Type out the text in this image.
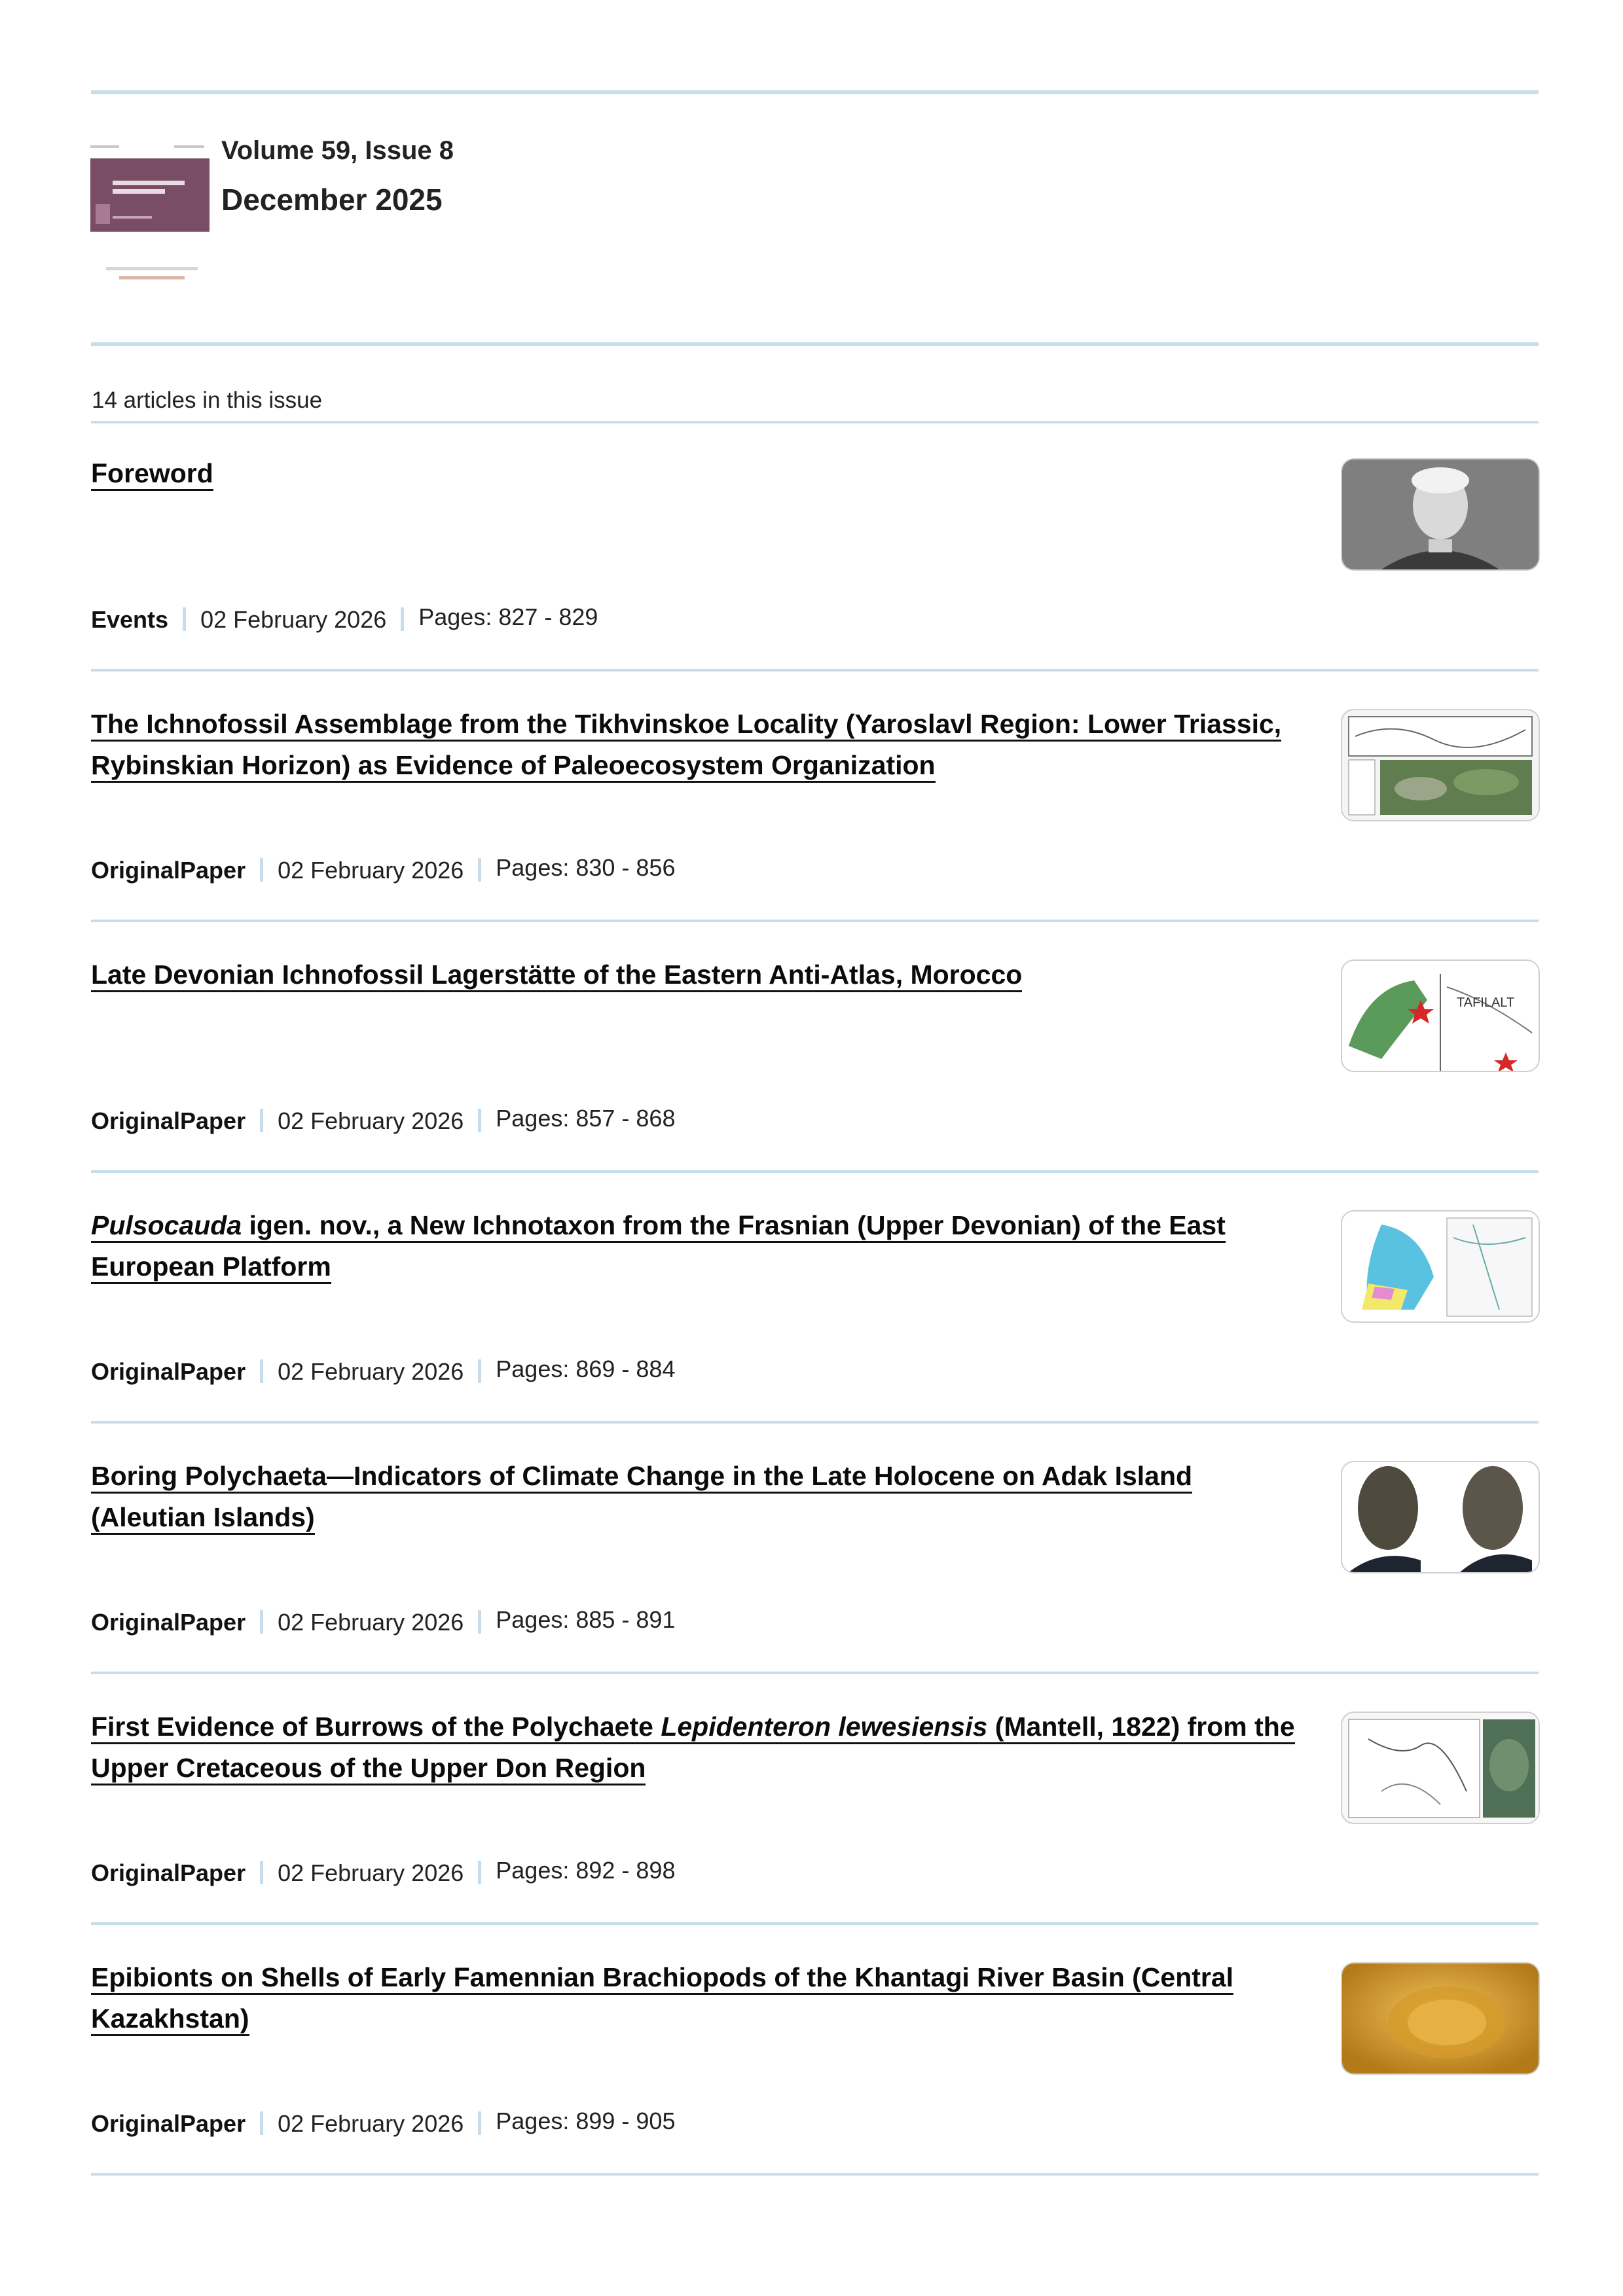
Volume 59, Issue 8
December 2025
14 articles in this issue
Foreword
Events 02 February 2026 Pages: 827 - 829
The Ichnofossil Assemblage from the Tikhvinskoe Locality (Yaroslavl Region: Lower Triassic, Rybinskian Horizon) as Evidence of Paleoecosystem Organization
OriginalPaper 02 February 2026 Pages: 830 - 856
Late Devonian Ichnofossil Lagerstätte of the Eastern Anti-Atlas, Morocco
OriginalPaper 02 February 2026 Pages: 857 - 868
TAFILALT
Pulsocauda igen. nov., a New Ichnotaxon from the Frasnian (Upper Devonian) of the East European Platform
OriginalPaper 02 February 2026 Pages: 869 - 884
Boring Polychaeta—Indicators of Climate Change in the Late Holocene on Adak Island (Aleutian Islands)
OriginalPaper 02 February 2026 Pages: 885 - 891
First Evidence of Burrows of the Polychaete Lepidenteron lewesiensis (Mantell, 1822) from the Upper Cretaceous of the Upper Don Region
OriginalPaper 02 February 2026 Pages: 892 - 898
Epibionts on Shells of Early Famennian Brachiopods of the Khantagi River Basin (Central Kazakhstan)
OriginalPaper 02 February 2026 Pages: 899 - 905
